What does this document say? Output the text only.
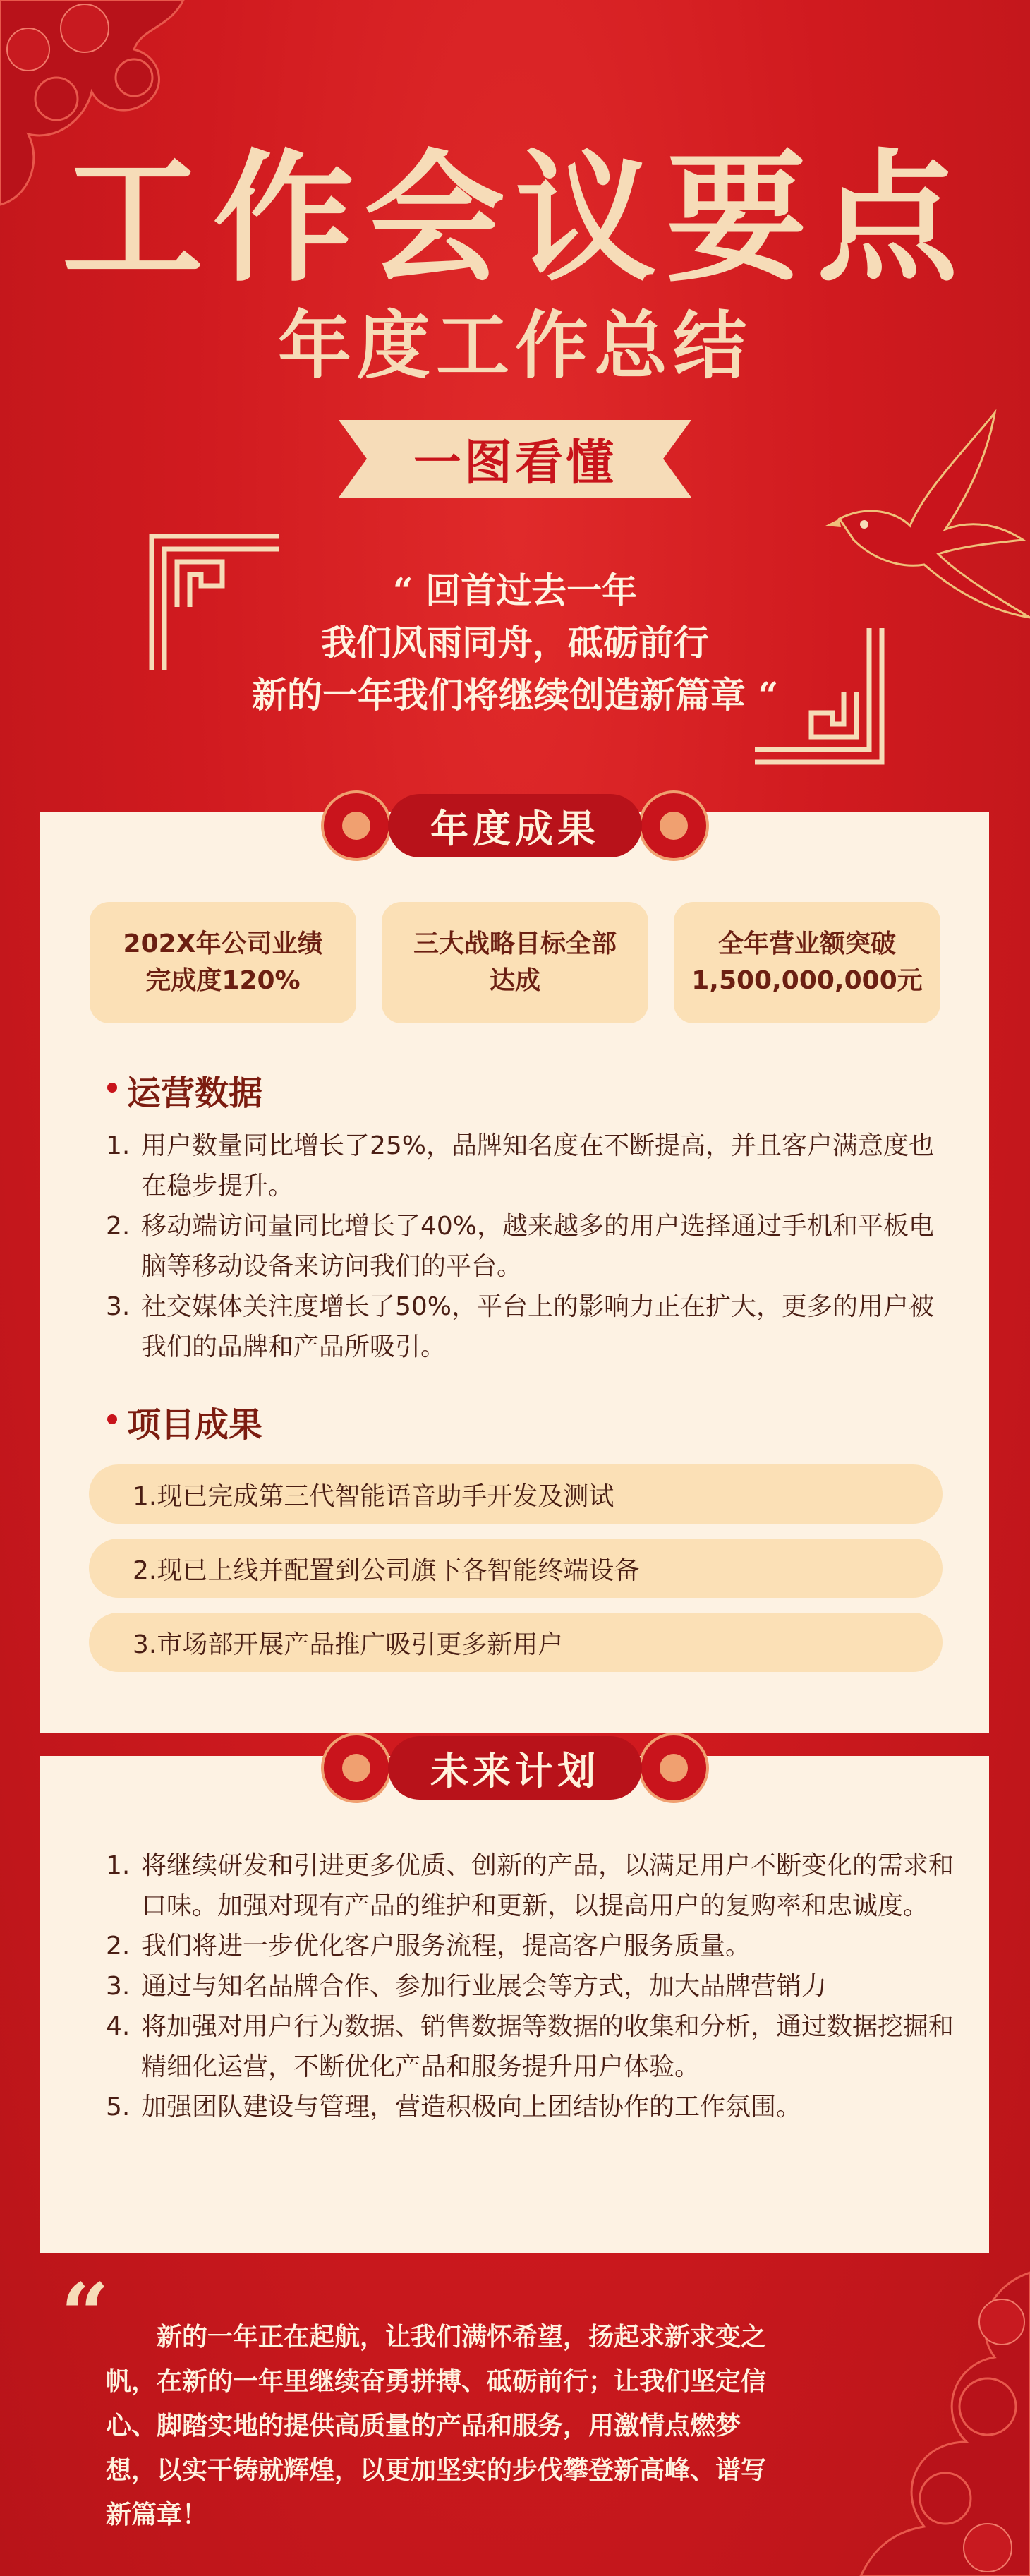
工作会议要点
年度工作总结
一图看懂
“ 回首过去一年
我们风雨同舟，砥砺前行
新的一年我们将继续创造新篇章 “
年度成果
202X年公司业绩
完成度120%
三大战略目标全部
达成
全年营业额突破
1,500,000,000元
运营数据
1. 用户数量同比增长了25%，品牌知名度在不断提高，并且客户满意度也在稳步提升。
2. 移动端访问量同比增长了40%，越来越多的用户选择通过手机和平板电脑等移动设备来访问我们的平台。
3. 社交媒体关注度增长了50%，平台上的影响力正在扩大，更多的用户被我们的品牌和产品所吸引。
项目成果
1.现已完成第三代智能语音助手开发及测试
2.现已上线并配置到公司旗下各智能终端设备
3.市场部开展产品推广吸引更多新用户
未来计划
1. 将继续研发和引进更多优质、创新的产品，以满足用户不断变化的需求和口味。加强对现有产品的维护和更新，以提高用户的复购率和忠诚度。
2. 我们将进一步优化客户服务流程，提高客户服务质量。
3. 通过与知名品牌合作、参加行业展会等方式，加大品牌营销力
4. 将加强对用户行为数据、销售数据等数据的收集和分析，通过数据挖掘和精细化运营，不断优化产品和服务提升用户体验。
5. 加强团队建设与管理，营造积极向上团结协作的工作氛围。
“	新的一年正在起航，让我们满怀希望，扬起求新求变之帆，在新的一年里继续奋勇拼搏、砥砺前行；让我们坚定信心、脚踏实地的提供高质量的产品和服务，用激情点燃梦想，以实干铸就辉煌，以更加坚实的步伐攀登新高峰、谱写新篇章！
